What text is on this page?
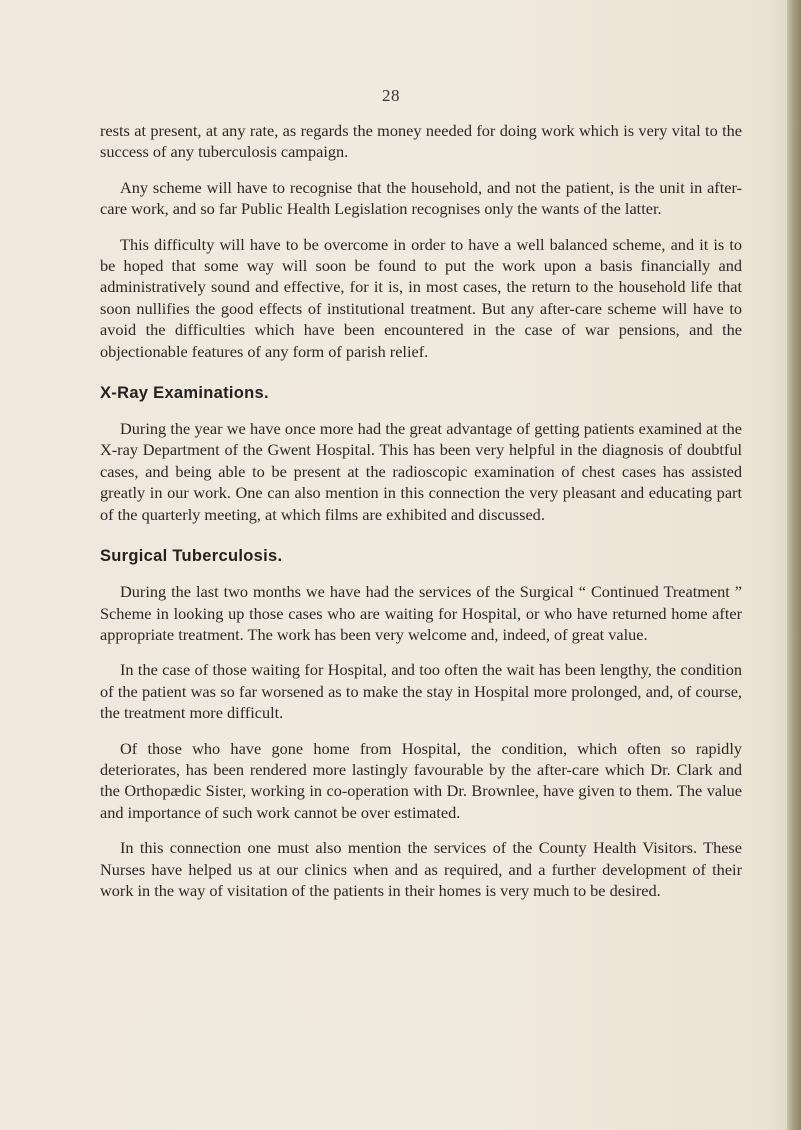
28

rests at present, at any rate, as regards the money needed for doing work which is very vital to the success of any tuberculosis campaign.

Any scheme will have to recognise that the household, and not the patient, is the unit in after-care work, and so far Public Health Legislation recognises only the wants of the latter.

This difficulty will have to be overcome in order to have a well balanced scheme, and it is to be hoped that some way will soon be found to put the work upon a basis financially and administratively sound and effective, for it is, in most cases, the return to the household life that soon nullifies the good effects of institutional treatment. But any after-care scheme will have to avoid the difficulties which have been encountered in the case of war pensions, and the objectionable features of any form of parish relief.

X-Ray Examinations.

During the year we have once more had the great advantage of getting patients examined at the X-ray Department of the Gwent Hospital. This has been very helpful in the diagnosis of doubtful cases, and being able to be present at the radioscopic examination of chest cases has assisted greatly in our work. One can also mention in this connection the very pleasant and educating part of the quarterly meeting, at which films are exhibited and discussed.

Surgical Tuberculosis.

During the last two months we have had the services of the Surgical “ Continued Treatment ” Scheme in looking up those cases who are waiting for Hospital, or who have returned home after appropriate treatment. The work has been very welcome and, indeed, of great value.

In the case of those waiting for Hospital, and too often the wait has been lengthy, the condition of the patient was so far worsened as to make the stay in Hospital more prolonged, and, of course, the treatment more difficult.

Of those who have gone home from Hospital, the condition, which often so rapidly deteriorates, has been rendered more lastingly favourable by the after-care which Dr. Clark and the Orthopædic Sister, working in co-operation with Dr. Brownlee, have given to them. The value and importance of such work cannot be over estimated.

In this connection one must also mention the services of the County Health Visitors. These Nurses have helped us at our clinics when and as required, and a further development of their work in the way of visitation of the patients in their homes is very much to be desired.
